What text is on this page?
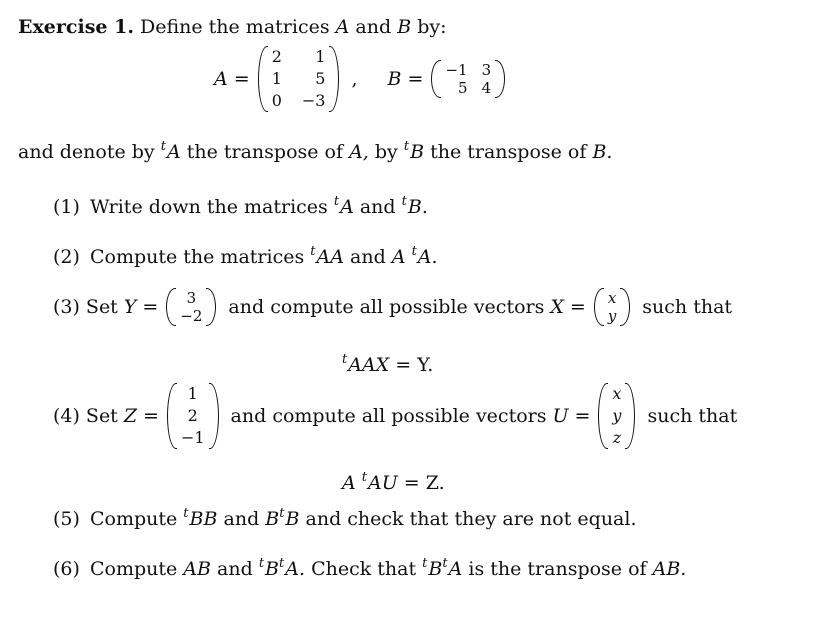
Exercise 1. Define the matrices A and B by:
A =
2 1
1 5
0 −3
, B = −1 3
5 4
and denote by $^t$A the transpose of A, by $^t$B the transpose of B.
(1) Write down the matrices $^t$A and $^t$B.
(2) Compute the matrices $^t$AA and A $^t$A.
(3) Set Y = 3
−2 and compute all possible vectors X = x
y such that
$^t$AAX = Y.
(4) Set Z =
1
2
−1
and compute all possible vectors U =
x
y
z
such that
A $^t$AU = Z.
(5) Compute $^t$BB and $B^tB$ and check that they are not equal.
(6) Compute AB and $^tB^tA$. Check that $^tB^tA$ is the transpose of AB.
